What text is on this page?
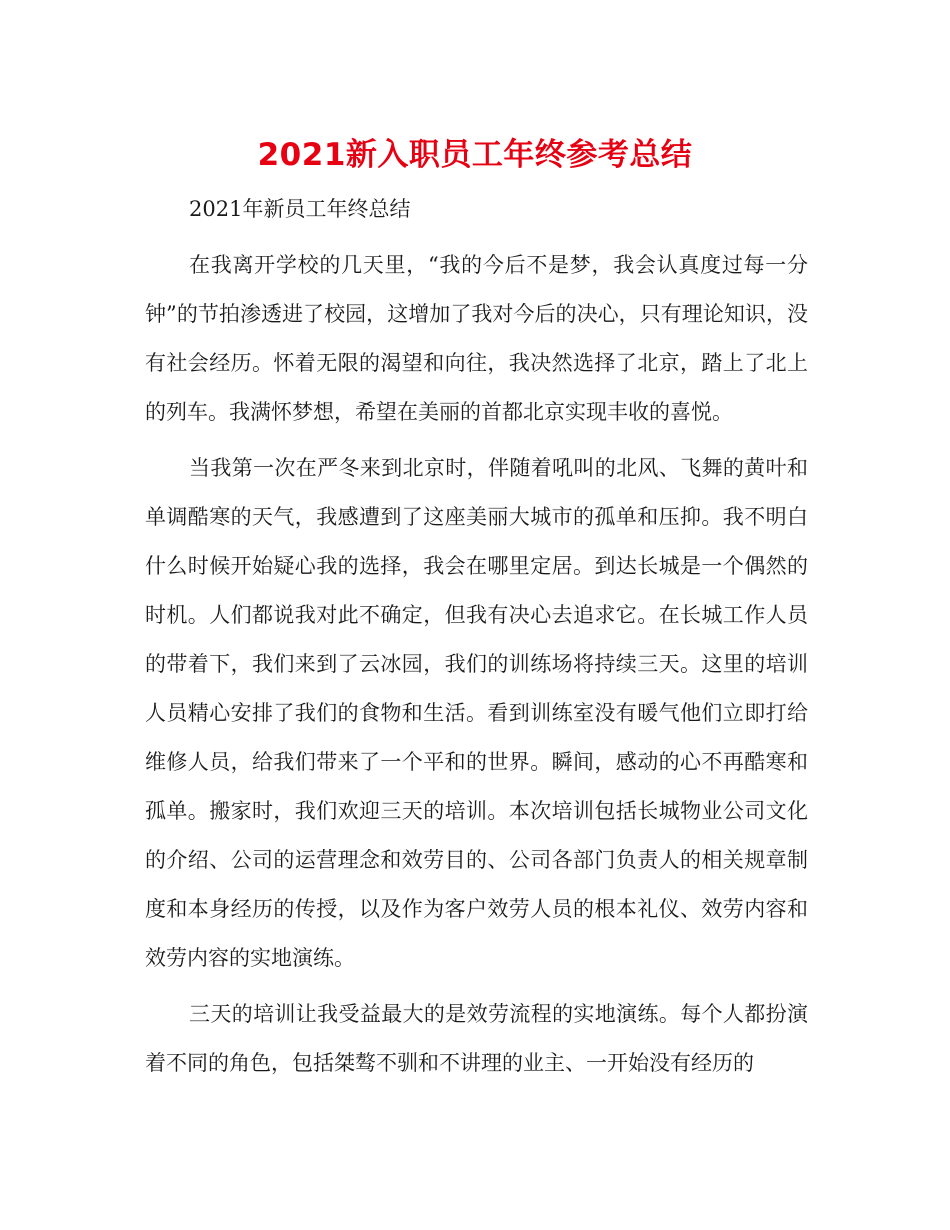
2021新入职员工年终参考总结

2021年新员工年终总结

在我离开学校的几天里，“我的今后不是梦，我会认真度过每一分钟”的节拍渗透进了校园，这增加了我对今后的决心，只有理论知识，没有社会经历。怀着无限的渴望和向往，我决然选择了北京，踏上了北上的列车。我满怀梦想，希望在美丽的首都北京实现丰收的喜悦。

当我第一次在严冬来到北京时，伴随着吼叫的北风、飞舞的黄叶和单调酷寒的天气，我感遭到了这座美丽大城市的孤单和压抑。我不明白什么时候开始疑心我的选择，我会在哪里定居。到达长城是一个偶然的时机。人们都说我对此不确定，但我有决心去追求它。在长城工作人员的带着下，我们来到了云冰园，我们的训练场将持续三天。这里的培训人员精心安排了我们的食物和生活。看到训练室没有暖气他们立即打给维修人员，给我们带来了一个平和的世界。瞬间，感动的心不再酷寒和孤单。搬家时，我们欢迎三天的培训。本次培训包括长城物业公司文化的介绍、公司的运营理念和效劳目的、公司各部门负责人的相关规章制度和本身经历的传授，以及作为客户效劳人员的根本礼仪、效劳内容和效劳内容的实地演练。

三天的培训让我受益最大的是效劳流程的实地演练。每个人都扮演着不同的角色，包括桀骜不驯和不讲理的业主、一开始没有经历的
